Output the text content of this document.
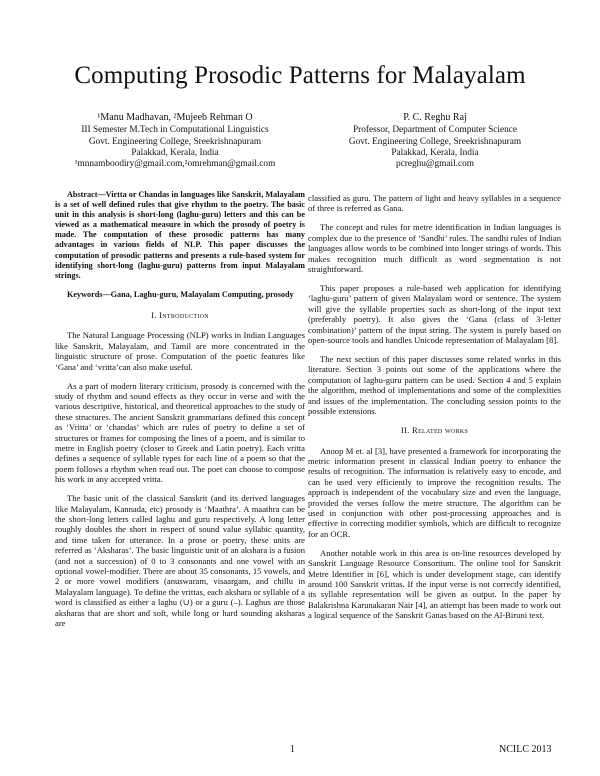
Computing Prosodic Patterns for Malayalam
¹Manu Madhavan, ²Mujeeb Rehman O
III Semester M.Tech in Computational Linguistics
Govt. Engineering College, Sreekrishnapuram
Palakkad, Kerala, India
¹mnnamboodiry@gmail.com,²omrehman@gmail.com
P. C. Reghu Raj
Professor, Department of Computer Science
Govt. Engineering College, Sreekrishnapuram
Palakkad, Kerala, India
pcreghu@gmail.com

Abstract—Virtta or Chandas in languages like Sanskrit, Malayalam is a set of well defined rules that give rhythm to the poetry. The basic unit in this analysis is short-long (laghu-guru) letters and this can be viewed as a mathematical measure in which the prosody of poetry is made. The computation of these prosodic patterns has many advantages in various fields of NLP. This paper discusses the computation of prosodic patterns and presents a rule-based system for identifying short-long (laghu-guru) patterns from input Malayalam strings.

Keywords—Gana, Laghu-guru, Malayalam Computing, prosody

I. Introduction

The Natural Language Processing (NLP) works in Indian Languages like Sanskrit, Malayalam, and Tamil are more concentrated in the linguistic structure of prose. Computation of the poetic features like ‘Gana’ and ‘vritta’can also make useful.

As a part of modern literary criticism, prosody is concerned with the study of rhythm and sound effects as they occur in verse and with the various descriptive, historical, and theoretical approaches to the study of these structures. The ancient Sanskrit grammarians defined this concept as ‘Vritta’ or ‘chandas’ which are rules of poetry to define a set of structures or frames for composing the lines of a poem, and is similar to metre in English poetry (closer to Greek and Latin poetry). Each vritta defines a sequence of syllable types for each line of a poem so that the poem follows a rhythm when read out. The poet can choose to compose his work in any accepted vritta.

The basic unit of the classical Sanskrit (and its derived languages like Malayalam, Kannada, etc) prosody is ‘Maathra’. A maathra can be the short-long letters called laghu and guru respectively. A long letter roughly doubles the short in respect of sound value syllabic quantity, and time taken for utterance. In a prose or poetry, these units are referred as ‘Aksharas’. The basic linguistic unit of an akshara is a fusion (and not a succession) of 0 to 3 consonants and one vowel with an optional vowel-modifier. There are about 35 consonants, 15 vowels, and 2 or more vowel modifiers (anuswaram, visaargam, and chillu in Malayalam language). To define the vrittas, each akshara or syllable of a word is classified as either a laghu (∪) or a guru (–). Laghus are those aksharas that are short and soft, while long or hard sounding aksharas are

classified as guru. The pattern of light and heavy syllables in a sequence of three is referred as Gana.

The concept and rules for metre identification in Indian languages is complex due to the presence of ‘Sandhi’ rules. The sandhi rules of Indian languages allow words to be combined into longer strings of words. This makes recognition much difficult as word segmentation is not straightforward.

This paper proposes a rule-based web application for identifying ‘laghu-guru’ pattern of given Malayalam word or sentence. The system will give the syllable properties such as short-long of the input text (preferably poetry). It also gives the ‘Gana (class of 3-letter combination)’ pattern of the input string. The system is purely based on open-source tools and handles Unicode representation of Malayalam [8].

The next section of this paper discusses some related works in this literature. Section 3 points out some of the applications where the computation of laghu-guru pattern can be used. Section 4 and 5 explain the algorithm, method of implementations and some of the complexities and issues of the implementation. The concluding session points to the possible extensions.

II. Related works

Anoop M et. al [3], have presented a framework for incorporating the metric information present in classical Indian poetry to enhance the results of recognition. The information is relatively easy to encode, and can be used very efficiently to improve the recognition results. The approach is independent of the vocabulary size and even the language, provided the verses follow the metre structure. The algorithm can be used in conjunction with other post-processing approaches and is effective in correcting modifier symbols, which are difficult to recognize for an OCR.

Another notable work in this area is on-line resources developed by Sanskrit Language Resource Consortium. The online tool for Sanskrit Metre Identifier in [6], which is under development stage, can identify around 100 Sanskrit vrittas. If the input verse is not correctly identified, its syllable representation will be given as output. In the paper by Balakrishna Karunakaran Nair [4], an attempt has been made to work out a logical sequence of the Sanskrit Ganas based on the Al-Biruni text.

1	NCILC 2013
